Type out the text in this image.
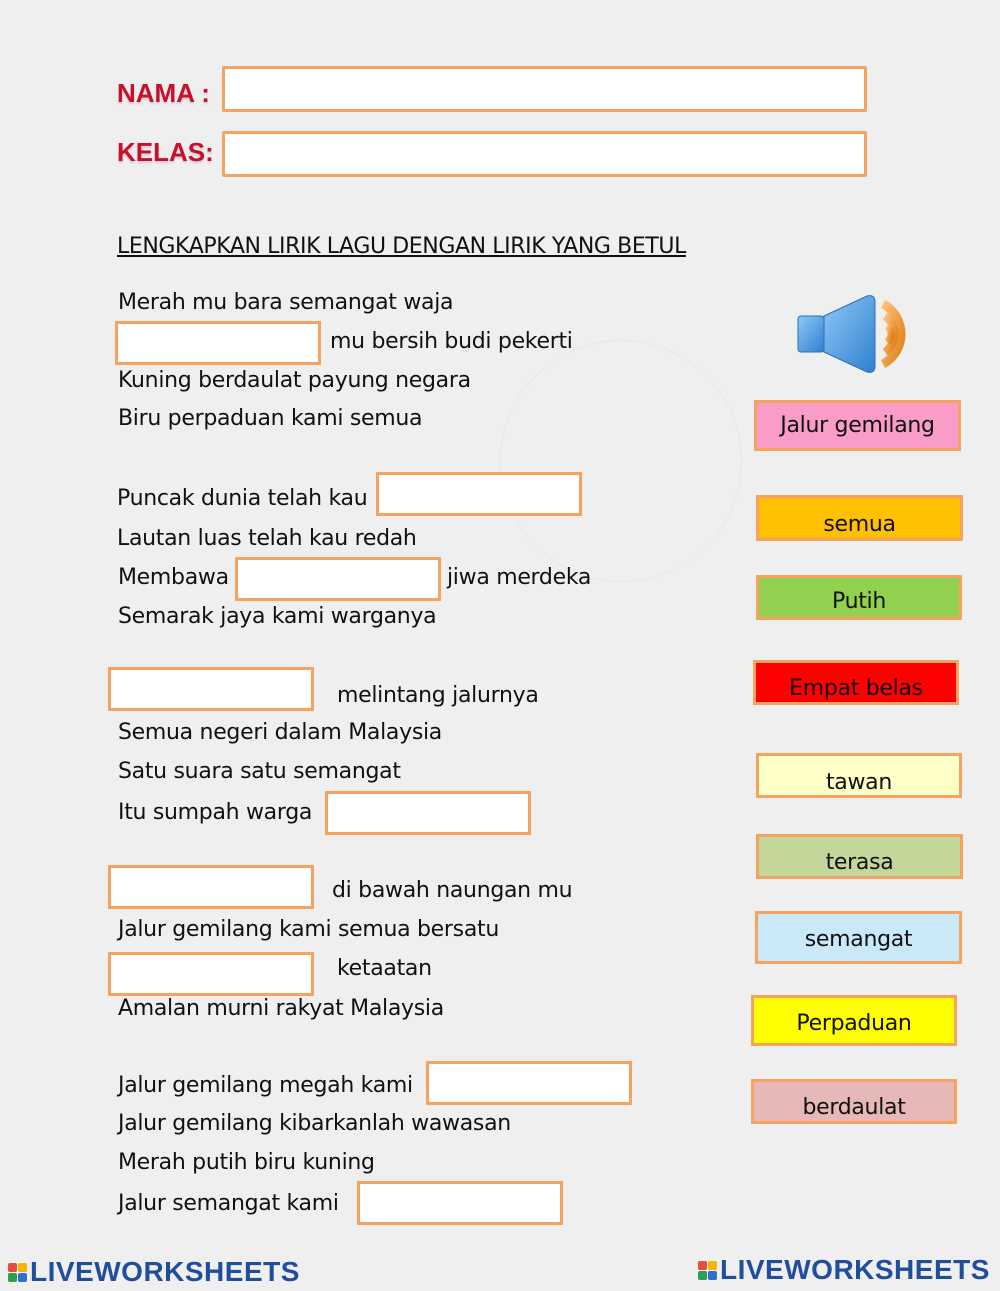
NAMA :
KELAS:
LENGKAPKAN LIRIK LAGU DENGAN LIRIK YANG BETUL
Merah mu bara semangat waja
mu bersih budi pekerti
Kuning berdaulat payung negara
Biru perpaduan kami semua
Puncak dunia telah kau
Lautan luas telah kau redah
Membawa	jiwa merdeka
Semarak jaya kami warganya
melintang jalurnya
Semua negeri dalam Malaysia
Satu suara satu semangat
Itu sumpah warga
di bawah naungan mu
Jalur gemilang kami semua bersatu
ketaatan
Amalan murni rakyat Malaysia
Jalur gemilang megah kami
Jalur gemilang kibarkanlah wawasan
Merah putih biru kuning
Jalur semangat kami
Jalur gemilang
semua
Putih
Empat belas
tawan
terasa
semangat
Perpaduan
berdaulat
LIVEWORKSHEETS	LIVEWORKSHEETS
